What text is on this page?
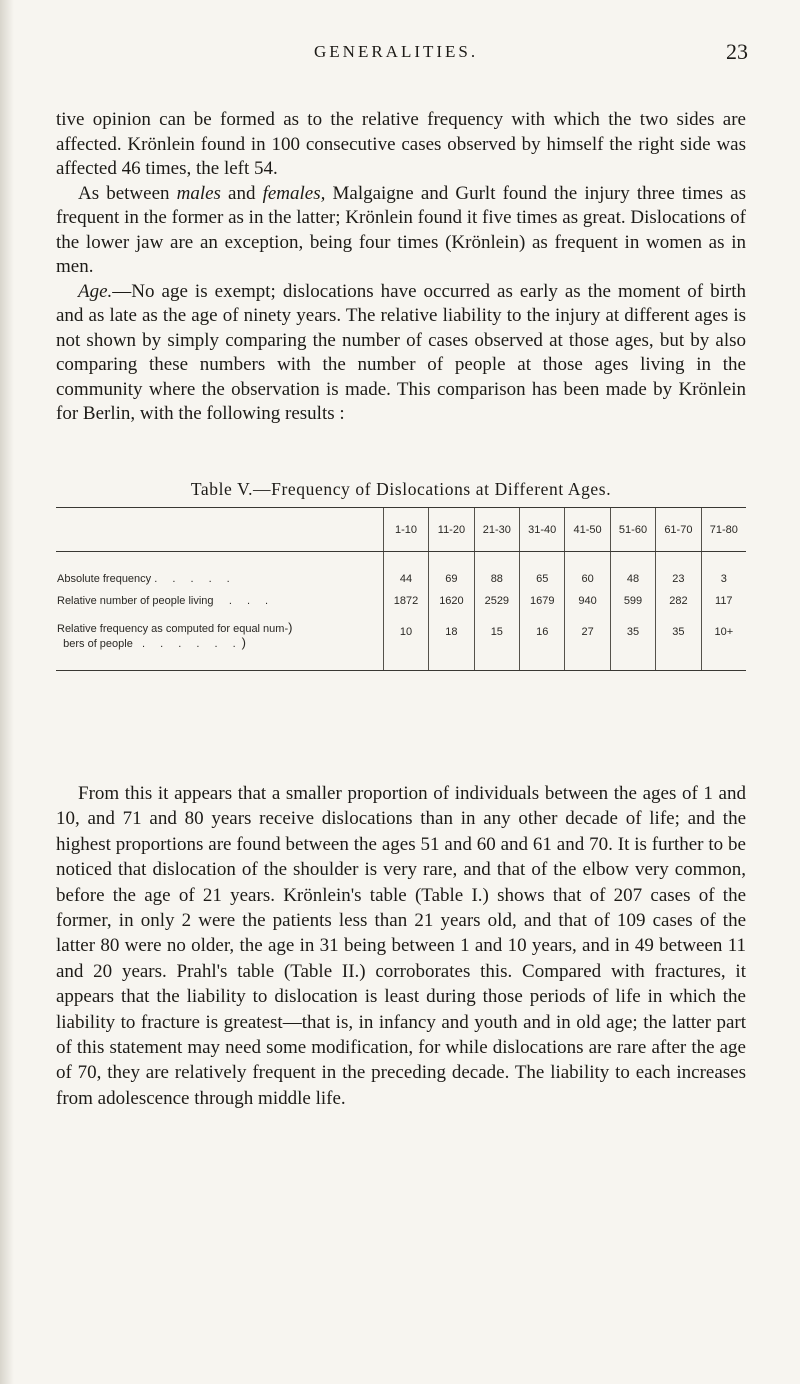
GENERALITIES.	23

tive opinion can be formed as to the relative frequency with which the two sides are affected. Krönlein found in 100 consecutive cases observed by himself the right side was affected 46 times, the left 54.

As between males and females, Malgaigne and Gurlt found the injury three times as frequent in the former as in the latter; Krönlein found it five times as great. Dislocations of the lower jaw are an exception, being four times (Krönlein) as frequent in women as in men.

Age.—No age is exempt; dislocations have occurred as early as the moment of birth and as late as the age of ninety years. The relative liability to the injury at different ages is not shown by simply comparing the number of cases observed at those ages, but by also comparing these numbers with the number of people at those ages living in the community where the observation is made. This comparison has been made by Krönlein for Berlin, with the following results :

Table V.—Frequency of Dislocations at Different Ages.
	1-10	11-20	21-30	31-40	41-50	51-60	61-70	71-80
Absolute frequency . . . . .	44	69	88	65	60	48	23	3
Relative number of people living . . .	1872	1620	2529	1679	940	599	282	117
Relative frequency as computed for equal num-)
bers of people . . . . . .)	10	18	15	16	27	35	35	10+

From this it appears that a smaller proportion of individuals between the ages of 1 and 10, and 71 and 80 years receive dislocations than in any other decade of life; and the highest proportions are found between the ages 51 and 60 and 61 and 70. It is further to be noticed that dislocation of the shoulder is very rare, and that of the elbow very common, before the age of 21 years. Krönlein's table (Table I.) shows that of 207 cases of the former, in only 2 were the patients less than 21 years old, and that of 109 cases of the latter 80 were no older, the age in 31 being between 1 and 10 years, and in 49 between 11 and 20 years. Prahl's table (Table II.) corroborates this. Compared with fractures, it appears that the liability to dislocation is least during those periods of life in which the liability to fracture is greatest—that is, in infancy and youth and in old age; the latter part of this statement may need some modification, for while dislocations are rare after the age of 70, they are relatively frequent in the preceding decade. The liability to each increases from adolescence through middle life.
